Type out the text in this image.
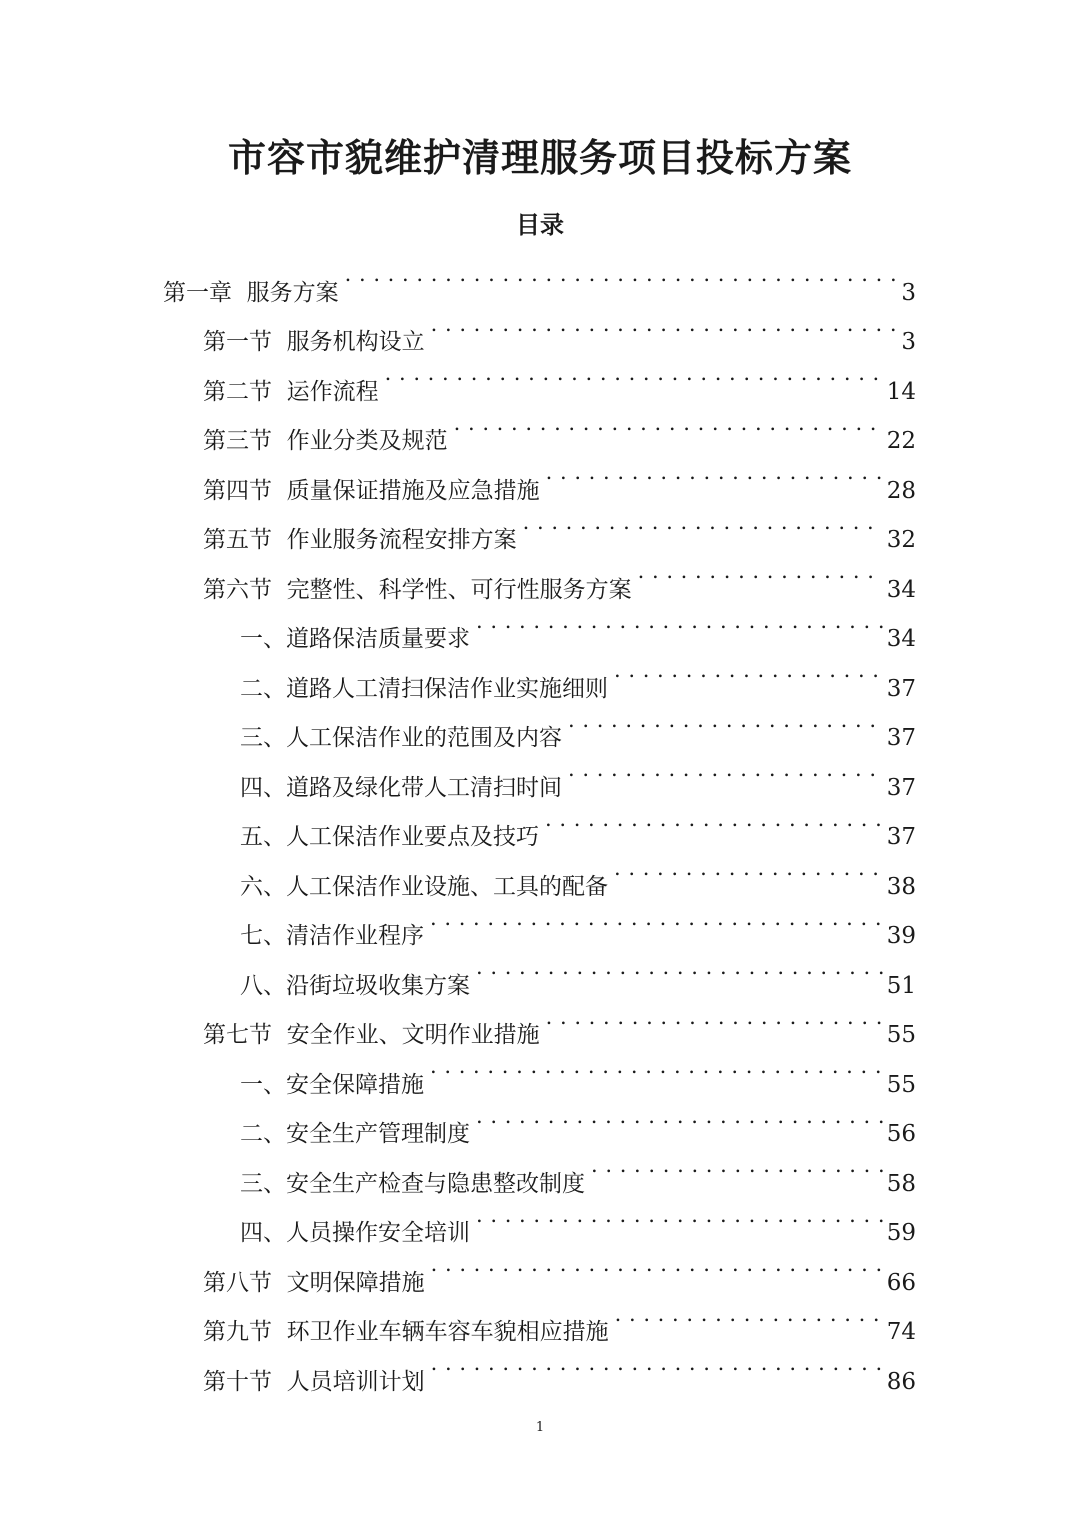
市容市貌维护清理服务项目投标方案
目录
第一章  服务方案 . . .	3
第一节  服务机构设立 . . .	3
第二节  运作流程 . . .	14
第三节  作业分类及规范 . . .	22
第四节  质量保证措施及应急措施 . . .	28
第五节  作业服务流程安排方案 . . .	32
第六节  完整性、科学性、可行性服务方案 . . .	34
一、道路保洁质量要求 . . .	34
二、道路人工清扫保洁作业实施细则 . . .	37
三、人工保洁作业的范围及内容 . . .	37
四、道路及绿化带人工清扫时间 . . .	37
五、人工保洁作业要点及技巧 . . .	37
六、人工保洁作业设施、工具的配备 . . .	38
七、清洁作业程序 . . .	39
八、沿街垃圾收集方案 . . .	51
第七节  安全作业、文明作业措施 . . .	55
一、安全保障措施 . . .	55
二、安全生产管理制度 . . .	56
三、安全生产检查与隐患整改制度 . . .	58
四、人员操作安全培训 . . .	59
第八节  文明保障措施 . . .	66
第九节  环卫作业车辆车容车貌相应措施 . . .	74
第十节  人员培训计划 . . .	86
1
